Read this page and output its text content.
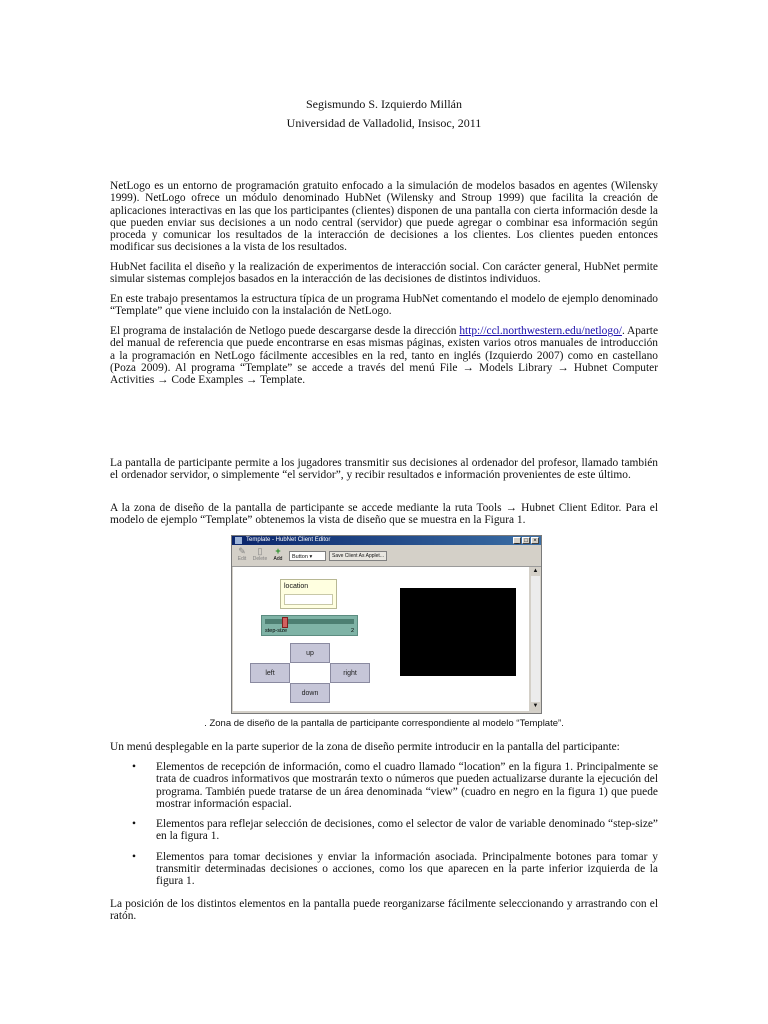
Segismundo S. Izquierdo Millán
Universidad de Valladolid, Insisoc, 2011

NetLogo es un entorno de programación gratuito enfocado a la simulación de modelos basados en agentes (Wilensky 1999). NetLogo ofrece un módulo denominado HubNet (Wilensky and Stroup 1999) que facilita la creación de aplicaciones interactivas en las que los participantes (clientes) disponen de una pantalla con cierta información desde la que pueden enviar sus decisiones a un nodo central (servidor) que puede agregar o combinar esa información según proceda y comunicar los resultados de la interacción de decisiones a los clientes. Los clientes pueden entonces modificar sus decisiones a la vista de los resultados.

HubNet facilita el diseño y la realización de experimentos de interacción social. Con carácter general, HubNet permite simular sistemas complejos basados en la interacción de las decisiones de distintos individuos.

En este trabajo presentamos la estructura típica de un programa HubNet comentando el modelo de ejemplo denominado “Template” que viene incluido con la instalación de NetLogo.

El programa de instalación de Netlogo puede descargarse desde la dirección http://ccl.northwestern.edu/netlogo/. Aparte del manual de referencia que puede encontrarse en esas mismas páginas, existen varios otros manuales de introducción a la programación en NetLogo fácilmente accesibles en la red, tanto en inglés (Izquierdo 2007) como en castellano (Poza 2009). Al programa “Template” se accede a través del menú File → Models Library → Hubnet Computer Activities → Code Examples → Template.

La pantalla de participante permite a los jugadores transmitir sus decisiones al ordenador del profesor, llamado también el ordenador servidor, o simplemente “el servidor”, y recibir resultados e información provenientes de este último.

A la zona de diseño de la pantalla de participante se accede mediante la ruta Tools → Hubnet Client Editor. Para el modelo de ejemplo “Template” obtenemos la vista de diseño que se muestra en la Figura 1.

Template - HubNet Client Editor	_ □ ×
✎
Edit
▯
Delete
+
Add	Button ▾	Save Client As Applet...
location
step-size	2
up
left	right
down
▲
▼
. Zona de diseño de la pantalla de participante correspondiente al modelo “Template”.

Un menú desplegable en la parte superior de la zona de diseño permite introducir en la pantalla del participante:

• Elementos de recepción de información, como el cuadro llamado “location” en la figura 1. Principalmente se trata de cuadros informativos que mostrarán texto o números que pueden actualizarse durante la ejecución del programa. También puede tratarse de un área denominada “view” (cuadro en negro en la figura 1) que puede mostrar información espacial.
• Elementos para reflejar selección de decisiones, como el selector de valor de variable denominado “step-size” en la figura 1.
• Elementos para tomar decisiones y enviar la información asociada. Principalmente botones para tomar y transmitir determinadas decisiones o acciones, como los que aparecen en la parte inferior izquierda de la figura 1.

La posición de los distintos elementos en la pantalla puede reorganizarse fácilmente seleccionando y arrastrando con el ratón.
